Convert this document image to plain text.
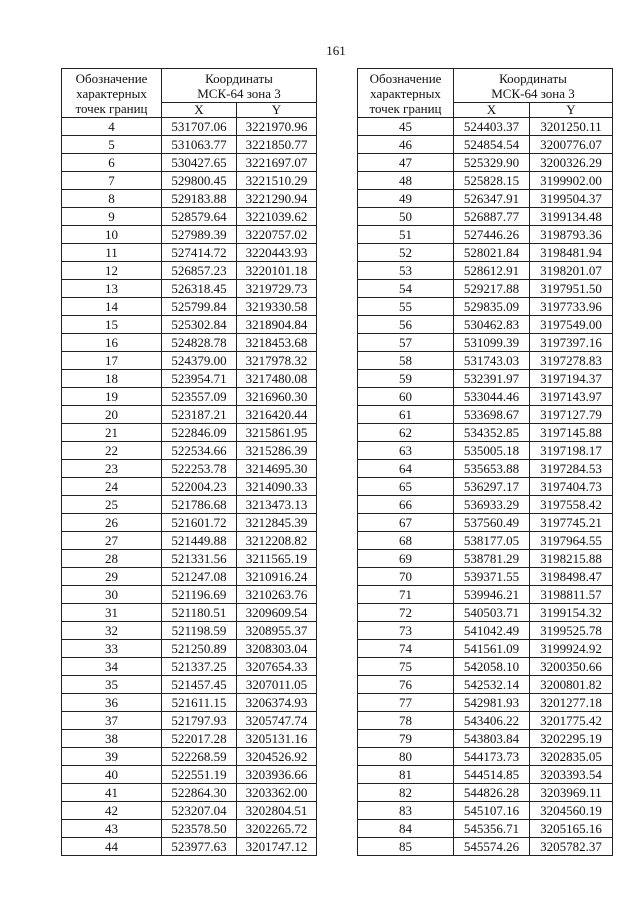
161
Обозначение
характерных
точек границ	Координаты
МСК-64 зона 3	

	X	Y
4	531707.06	3221970.96
5	531063.77	3221850.77
6	530427.65	3221697.07
7	529800.45	3221510.29
8	529183.88	3221290.94
9	528579.64	3221039.62
10	527989.39	3220757.02
11	527414.72	3220443.93
12	526857.23	3220101.18
13	526318.45	3219729.73
14	525799.84	3219330.58
15	525302.84	3218904.84
16	524828.78	3218453.68
17	524379.00	3217978.32
18	523954.71	3217480.08
19	523557.09	3216960.30
20	523187.21	3216420.44
21	522846.09	3215861.95
22	522534.66	3215286.39
23	522253.78	3214695.30
24	522004.23	3214090.33
25	521786.68	3213473.13
26	521601.72	3212845.39
27	521449.88	3212208.82
28	521331.56	3211565.19
29	521247.08	3210916.24
30	521196.69	3210263.76
31	521180.51	3209609.54
32	521198.59	3208955.37
33	521250.89	3208303.04
34	521337.25	3207654.33
35	521457.45	3207011.05
36	521611.15	3206374.93
37	521797.93	3205747.74
38	522017.28	3205131.16
39	522268.59	3204526.92
40	522551.19	3203936.66
41	522864.30	3203362.00
42	523207.04	3202804.51
43	523578.50	3202265.72
44	523977.63	3201747.12
Обозначение
характерных
точек границ	Координаты
МСК-64 зона 3	

	X	Y
45	524403.37	3201250.11
46	524854.54	3200776.07
47	525329.90	3200326.29
48	525828.15	3199902.00
49	526347.91	3199504.37
50	526887.77	3199134.48
51	527446.26	3198793.36
52	528021.84	3198481.94
53	528612.91	3198201.07
54	529217.88	3197951.50
55	529835.09	3197733.96
56	530462.83	3197549.00
57	531099.39	3197397.16
58	531743.03	3197278.83
59	532391.97	3197194.37
60	533044.46	3197143.97
61	533698.67	3197127.79
62	534352.85	3197145.88
63	535005.18	3197198.17
64	535653.88	3197284.53
65	536297.17	3197404.73
66	536933.29	3197558.42
67	537560.49	3197745.21
68	538177.05	3197964.55
69	538781.29	3198215.88
70	539371.55	3198498.47
71	539946.21	3198811.57
72	540503.71	3199154.32
73	541042.49	3199525.78
74	541561.09	3199924.92
75	542058.10	3200350.66
76	542532.14	3200801.82
77	542981.93	3201277.18
78	543406.22	3201775.42
79	543803.84	3202295.19
80	544173.73	3202835.05
81	544514.85	3203393.54
82	544826.28	3203969.11
83	545107.16	3204560.19
84	545356.71	3205165.16
85	545574.26	3205782.37
